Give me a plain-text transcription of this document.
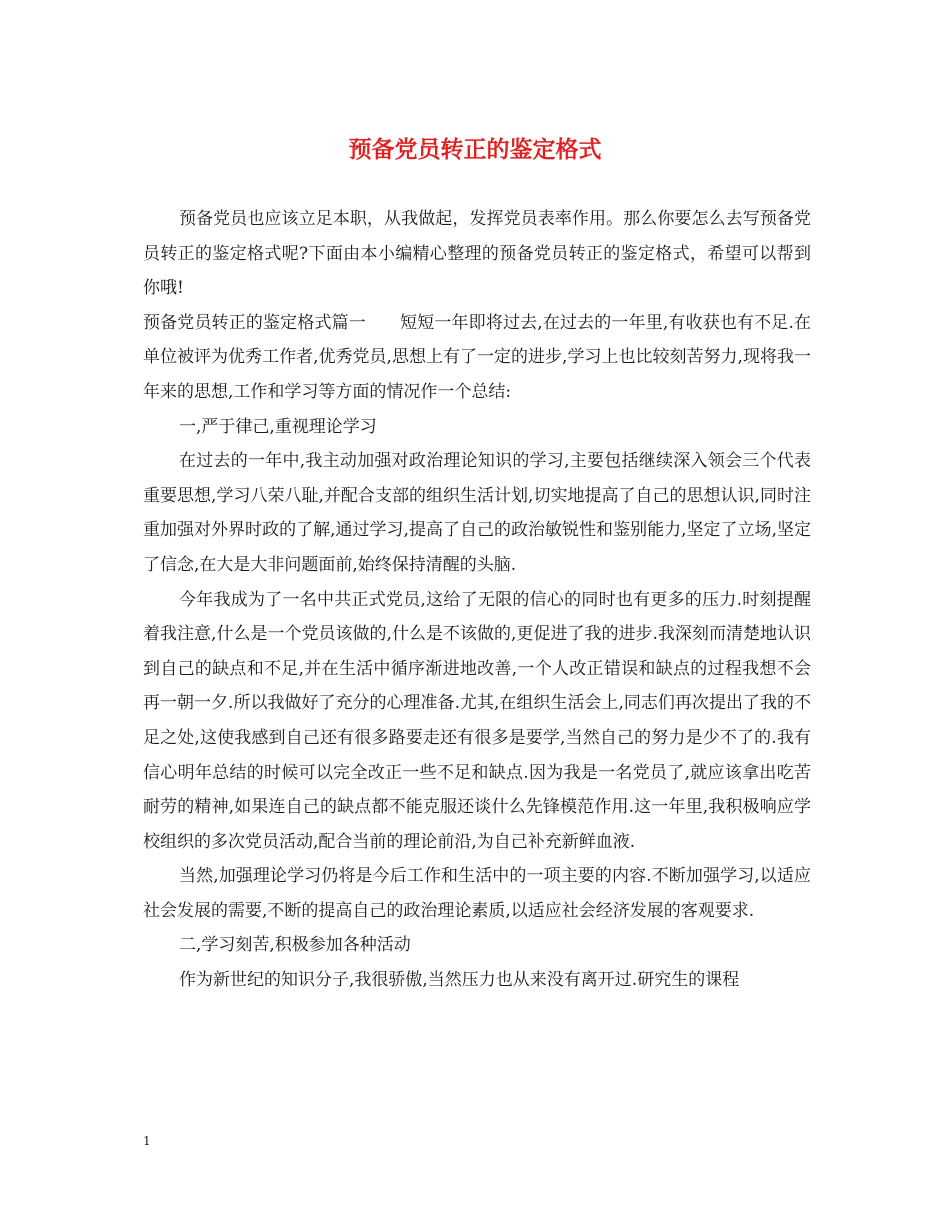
预备党员转正的鉴定格式

预备党员也应该立足本职，从我做起，发挥党员表率作用。那么你要怎么去写预备党员转正的鉴定格式呢?下面由本小编精心整理的预备党员转正的鉴定格式，希望可以帮到你哦!

预备党员转正的鉴定格式篇一 短短一年即将过去,在过去的一年里,有收获也有不足.在单位被评为优秀工作者,优秀党员,思想上有了一定的进步,学习上也比较刻苦努力,现将我一年来的思想,工作和学习等方面的情况作一个总结:

一,严于律己,重视理论学习

在过去的一年中,我主动加强对政治理论知识的学习,主要包括继续深入领会三个代表重要思想,学习八荣八耻,并配合支部的组织生活计划,切实地提高了自己的思想认识,同时注重加强对外界时政的了解,通过学习,提高了自己的政治敏锐性和鉴别能力,坚定了立场,坚定了信念,在大是大非问题面前,始终保持清醒的头脑.

今年我成为了一名中共正式党员,这给了无限的信心的同时也有更多的压力.时刻提醒着我注意,什么是一个党员该做的,什么是不该做的,更促进了我的进步.我深刻而清楚地认识到自己的缺点和不足,并在生活中循序渐进地改善,一个人改正错误和缺点的过程我想不会再一朝一夕.所以我做好了充分的心理准备.尤其,在组织生活会上,同志们再次提出了我的不足之处,这使我感到自己还有很多路要走还有很多是要学,当然自己的努力是少不了的.我有信心明年总结的时候可以完全改正一些不足和缺点.因为我是一名党员了,就应该拿出吃苦耐劳的精神,如果连自己的缺点都不能克服还谈什么先锋模范作用.这一年里,我积极响应学校组织的多次党员活动,配合当前的理论前沿,为自己补充新鲜血液.

当然,加强理论学习仍将是今后工作和生活中的一项主要的内容.不断加强学习,以适应社会发展的需要,不断的提高自己的政治理论素质,以适应社会经济发展的客观要求.

二,学习刻苦,积极参加各种活动

作为新世纪的知识分子,我很骄傲,当然压力也从来没有离开过.研究生的课程

1
